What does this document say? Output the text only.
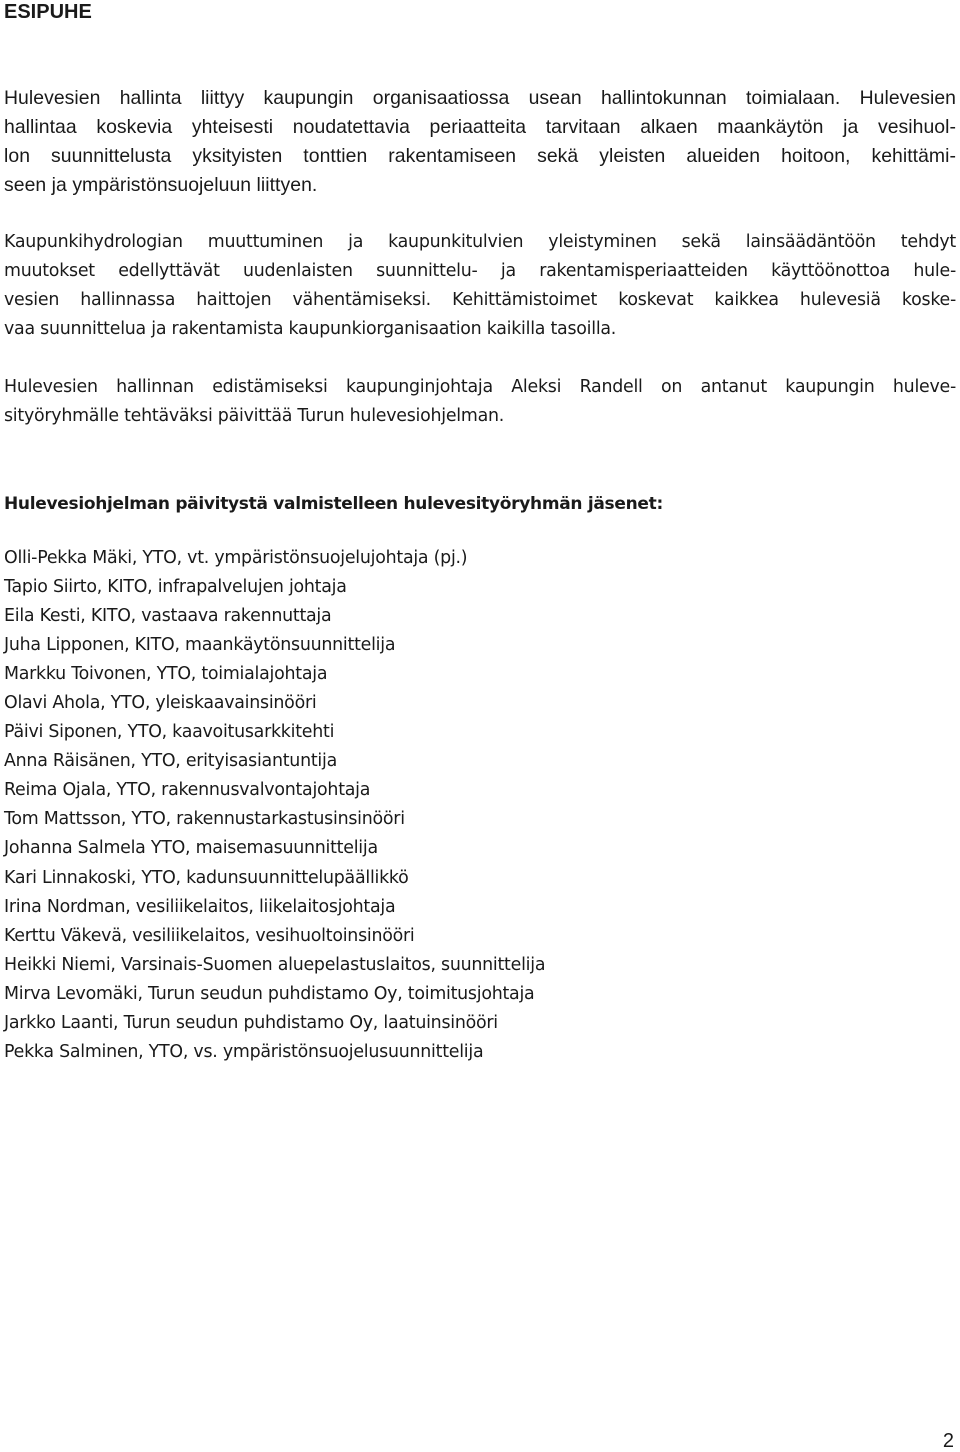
ESIPUHE

Hulevesien hallinta liittyy kaupungin organisaatiossa usean hallintokunnan toimialaan. Hulevesien
hallintaa koskevia yhteisesti noudatettavia periaatteita tarvitaan alkaen maankäytön ja vesihuol-
lon suunnittelusta yksityisten tonttien rakentamiseen sekä yleisten alueiden hoitoon, kehittämi-
seen ja ympäristönsuojeluun liittyen.

Kaupunkihydrologian muuttuminen ja kaupunkitulvien yleistyminen sekä lainsäädäntöön tehdyt
muutokset edellyttävät uudenlaisten suunnittelu- ja rakentamisperiaatteiden käyttöönottoa hule-
vesien hallinnassa haittojen vähentämiseksi. Kehittämistoimet koskevat kaikkea hulevesiä koske-
vaa suunnittelua ja rakentamista kaupunkiorganisaation kaikilla tasoilla.

Hulevesien hallinnan edistämiseksi kaupunginjohtaja Aleksi Randell on antanut kaupungin huleve-
sityöryhmälle tehtäväksi päivittää Turun hulevesiohjelman.

Hulevesiohjelman päivitystä valmistelleen hulevesityöryhmän jäsenet:
Olli-Pekka Mäki, YTO, vt. ympäristönsuojelujohtaja (pj.)
Tapio Siirto, KITO, infrapalvelujen johtaja
Eila Kesti, KITO, vastaava rakennuttaja
Juha Lipponen, KITO, maankäytönsuunnittelija
Markku Toivonen, YTO, toimialajohtaja
Olavi Ahola, YTO, yleiskaavainsinööri
Päivi Siponen, YTO, kaavoitusarkkitehti
Anna Räisänen, YTO, erityisasiantuntija
Reima Ojala, YTO, rakennusvalvontajohtaja
Tom Mattsson, YTO, rakennustarkastusinsinööri
Johanna Salmela YTO, maisemasuunnittelija
Kari Linnakoski, YTO, kadunsuunnittelupäällikkö
Irina Nordman, vesiliikelaitos, liikelaitosjohtaja
Kerttu Väkevä, vesiliikelaitos, vesihuoltoinsinööri
Heikki Niemi, Varsinais-Suomen aluepelastuslaitos, suunnittelija
Mirva Levomäki, Turun seudun puhdistamo Oy, toimitusjohtaja
Jarkko Laanti, Turun seudun puhdistamo Oy, laatuinsinööri
Pekka Salminen, YTO, vs. ympäristönsuojelusuunnittelija
2
